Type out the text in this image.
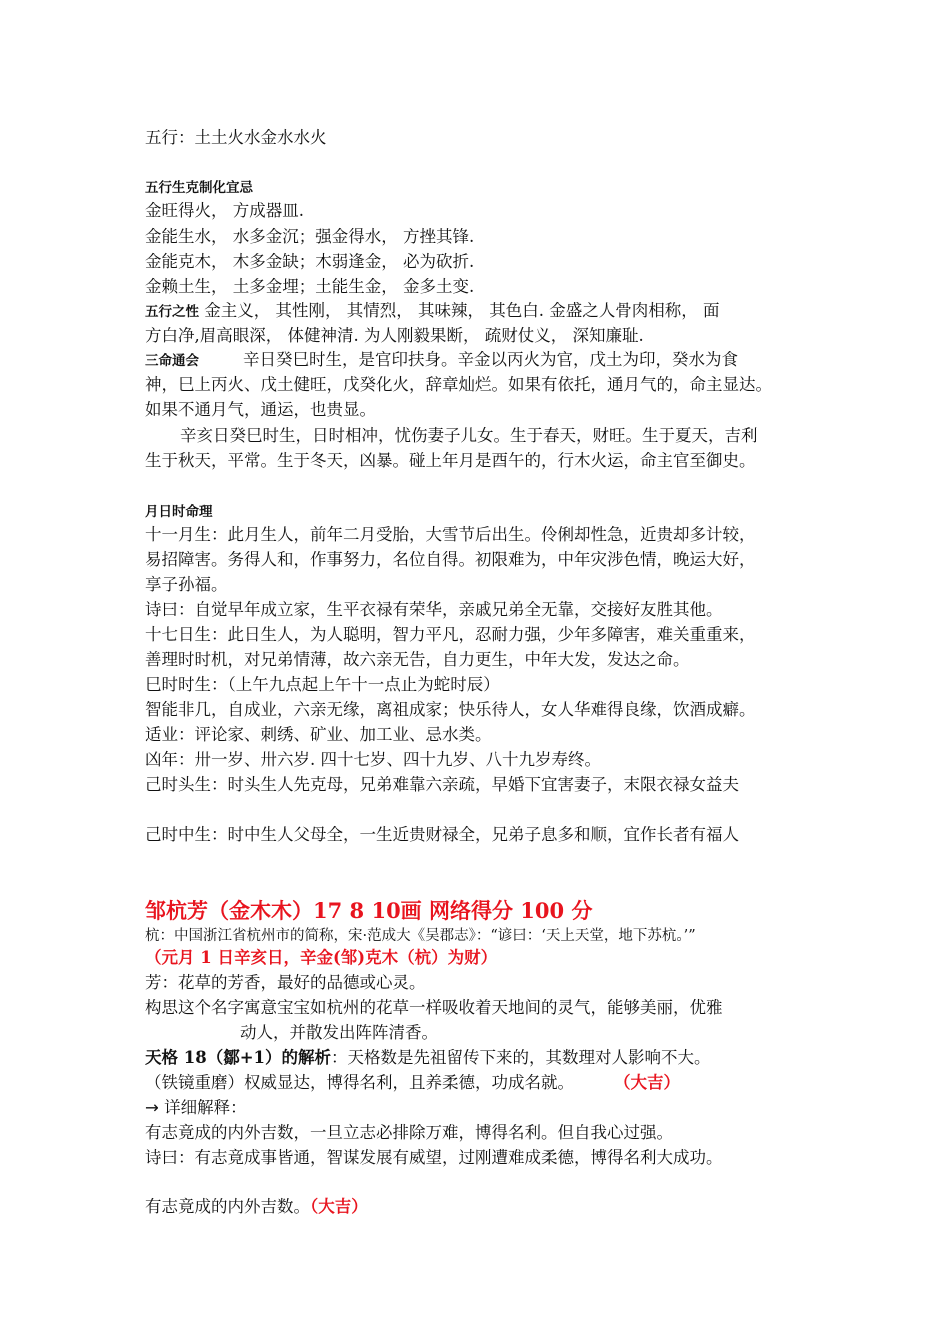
五行：土土火水金水水火
五行生克制化宜忌
金旺得火， 方成器皿.
金能生水， 水多金沉；强金得水， 方挫其锋.
金能克木， 木多金缺；木弱逢金， 必为砍折.
金赖土生， 土多金埋；土能生金， 金多土变.
五行之性 金主义， 其性刚， 其情烈， 其味辣， 其色白. 金盛之人骨肉相称， 面
方白净,眉高眼深， 体健神清. 为人刚毅果断， 疏财仗义， 深知廉耻.
三命通会	辛日癸巳时生，是官印扶身。辛金以丙火为官，戊土为印，癸水为食
神，巳上丙火、戊土健旺，戊癸化火，辞章灿烂。如果有依托，通月气的，命主显达。
如果不通月气，通运，也贵显。
辛亥日癸巳时生，日时相冲，忧伤妻子儿女。生于春天，财旺。生于夏天，吉利
生于秋天，平常。生于冬天，凶暴。碰上年月是酉午的，行木火运，命主官至御史。
月日时命理
十一月生：此月生人，前年二月受胎，大雪节后出生。伶俐却性急，近贵却多计较，
易招障害。务得人和，作事努力，名位自得。初限难为，中年灾涉色情，晚运大好，
享子孙福。
诗曰：自觉早年成立家，生平衣禄有荣华，亲戚兄弟全无靠，交接好友胜其他。
十七日生：此日生人，为人聪明，智力平凡，忍耐力强，少年多障害，难关重重来，
善理时时机，对兄弟情薄，故六亲无告，自力更生，中年大发，发达之命。
巳时时生：（上午九点起上午十一点止为蛇时辰）
智能非几，自成业，六亲无缘，离祖成家；快乐待人，女人华难得良缘，饮酒成癖。
适业：评论家、刺绣、矿业、加工业、忌水类。
凶年：卅一岁、卅六岁. 四十七岁、四十九岁、八十九岁寿终。
己时头生：时头生人先克母，兄弟难靠六亲疏，早婚下宜害妻子，末限衣禄女益夫
己时中生：时中生人父母全，一生近贵财禄全，兄弟子息多和顺，宜作长者有福人
邹杭芳（金木木）17 8 10画 网络得分 100 分
杭：中国浙江省杭州市的简称，宋·范成大《吴郡志》：“谚曰：‘天上天堂，地下苏杭。’”
（元月 1 日辛亥日，辛金(邹)克木（杭）为财）
芳：花草的芳香，最好的品德或心灵。
构思这个名字寓意宝宝如杭州的花草一样吸收着天地间的灵气，能够美丽，优雅
动人，并散发出阵阵清香。
天格 18（鄒+1）的解析：天格数是先祖留传下来的，其数理对人影响不大。
（铁镜重磨）权威显达，博得名利，且养柔德，功成名就。 （大吉）
→ 详细解释：
有志竟成的内外吉数，一旦立志必排除万难，博得名利。但自我心过强。
诗曰：有志竟成事皆通，智谋发展有威望，过刚遭难成柔德，博得名利大成功。
有志竟成的内外吉数。（大吉）
